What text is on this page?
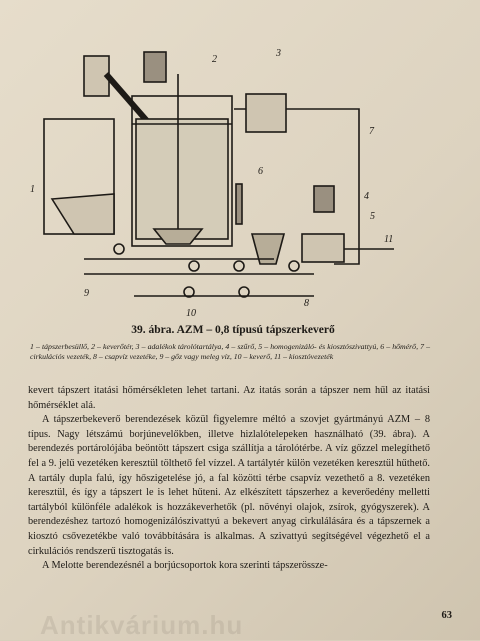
1
2
3
4
5
6
7
8
9
10
11
39. ábra. AZM – 0,8 típusú tápszerkeverő
1 – tápszerbesüllő, 2 – keverőtér, 3 – adalékok tárolótartálya, 4 – szűrő, 5 – homogenizáló- és kiosztószivattyú, 6 – hőmérő, 7 – cirkulációs vezeték, 8 – csapvíz vezetéke, 9 – gőz vagy meleg víz, 10 – keverő, 11 – kiosztóvezeték

kevert tápszert itatási hőmérsékleten lehet tartani. Az itatás során a tápszer nem hűl az itatási hőmérséklet alá.

A tápszerbekeverő berendezések közül figyelemre méltó a szovjet gyártmányú AZM – 8 típus. Nagy létszámú borjúnevelőkben, illetve hizlalótelepeken használható (39. ábra). A berendezés portárolójába beöntött tápszert csiga szállítja a tárolótérbe. A víz gőzzel melegíthető fel a 9. jelű vezetéken keresztül tölthető fel vízzel. A tartálytér külön vezetéken keresztül hűthető. A tartály dupla falú, így hőszigetelése jó, a fal közötti térbe csapvíz vezethető a 8. vezetéken keresztül, és így a tápszert le is lehet hűteni. Az elkészített tápszerhez a keverőedény melletti tartályból különféle adalékok is hozzákeverhetők (pl. növényi olajok, zsírok, gyógyszerek). A berendezéshez tartozó homogenizálószivattyú a bekevert anyag cirkulálására és a tápszernek a kiosztó csővezetékbe való továbbítására is alkalmas. A szivattyú segítségével végezhető el a cirkulációs rendszerű tisztogatás is.

A Melotte berendezésnél a borjúcsoportok kora szerinti tápszerössze-

63
Antikvárium.hu
